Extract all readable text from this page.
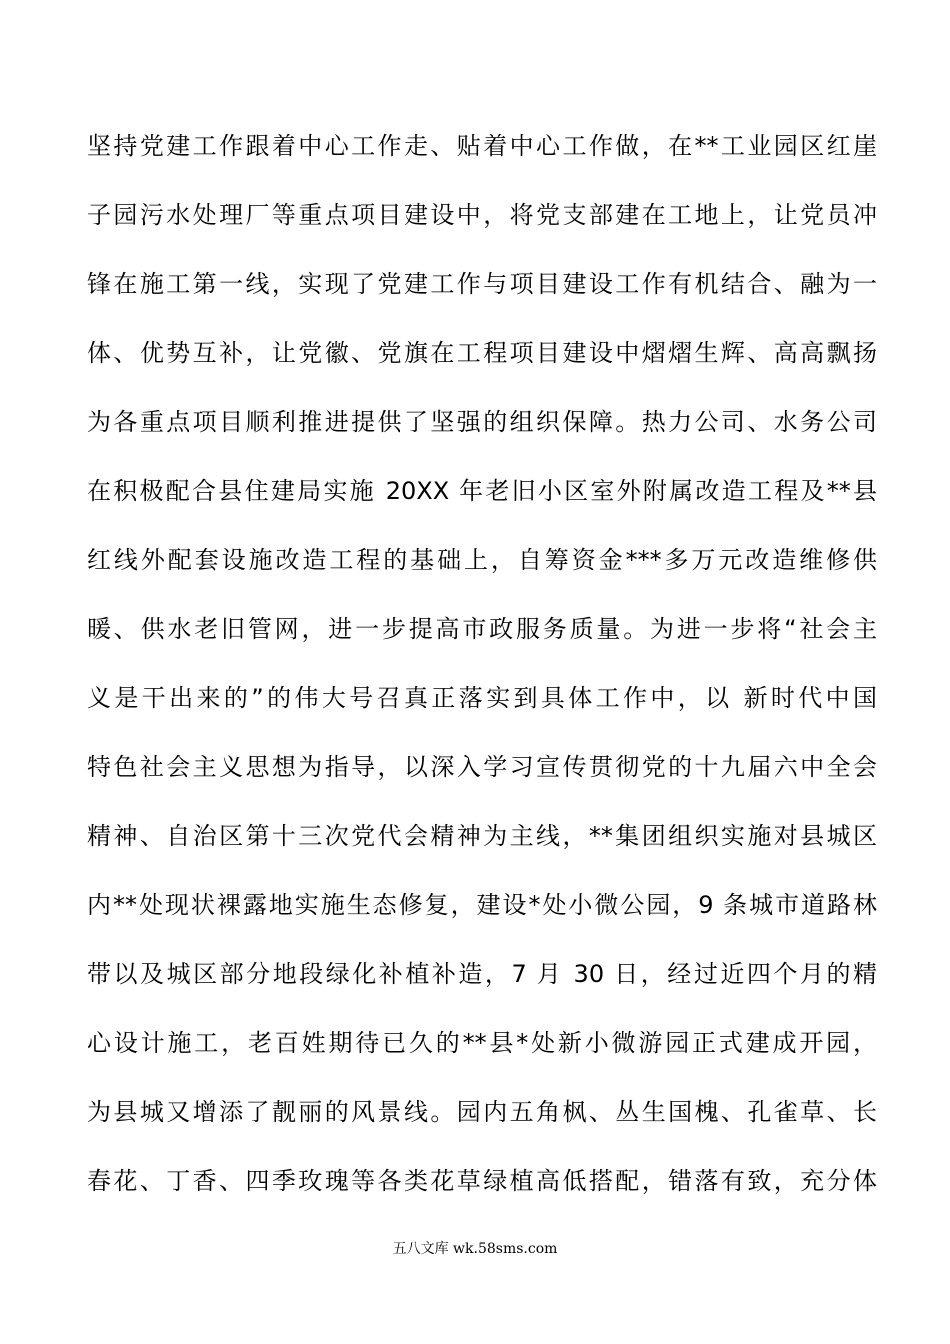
坚持党建工作跟着中心工作走、贴着中心工作做，在**工业园区红崖
子园污水处理厂等重点项目建设中，将党支部建在工地上，让党员冲
锋在施工第一线，实现了党建工作与项目建设工作有机结合、融为一
体、优势互补，让党徽、党旗在工程项目建设中熠熠生辉、高高飘扬
为各重点项目顺利推进提供了坚强的组织保障。热力公司、水务公司
在积极配合县住建局实施 20XX 年老旧小区室外附属改造工程及**县
红线外配套设施改造工程的基础上，自筹资金***多万元改造维修供
暖、供水老旧管网，进一步提高市政服务质量。为进一步将“社会主
义是干出来的”的伟大号召真正落实到具体工作中，以 新时代中国
特色社会主义思想为指导，以深入学习宣传贯彻党的十九届六中全会
精神、自治区第十三次党代会精神为主线，**集团组织实施对县城区
内**处现状裸露地实施生态修复，建设*处小微公园，9 条城市道路林
带以及城区部分地段绿化补植补造，7 月 30 日，经过近四个月的精
心设计施工，老百姓期待已久的**县*处新小微游园正式建成开园，
为县城又增添了靓丽的风景线。园内五角枫、丛生国槐、孔雀草、长
春花、丁香、四季玫瑰等各类花草绿植高低搭配，错落有致，充分体
五八文库 wk.58sms.com
